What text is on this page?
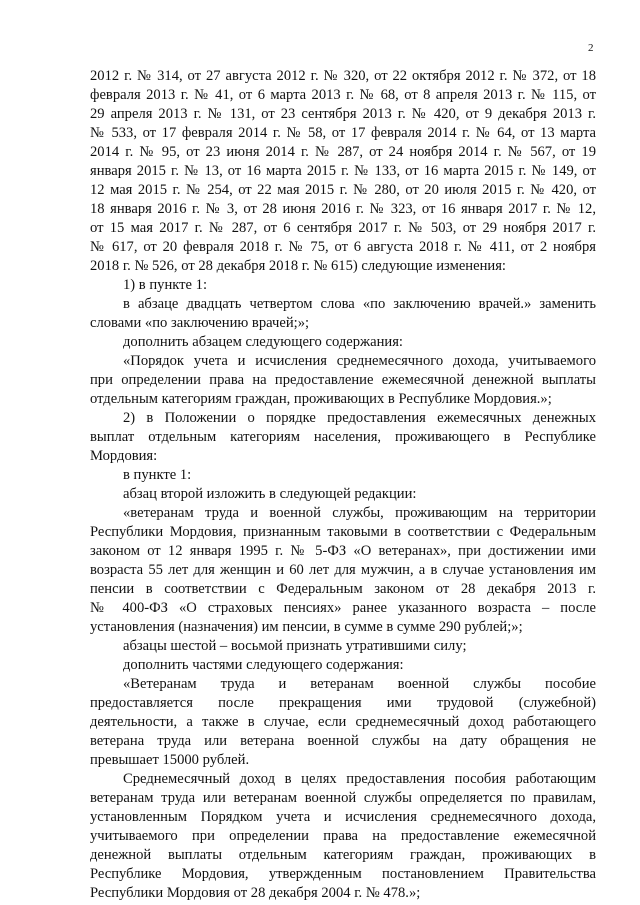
2
2012 г. № 314, от 27 августа 2012 г. № 320, от 22 октября 2012 г. № 372, от 18
февраля 2013 г. № 41, от 6 марта 2013 г. № 68, от 8 апреля 2013 г. № 115, от
29 апреля 2013 г. № 131, от 23 сентября 2013 г. № 420, от 9 декабря 2013 г.
№ 533, от 17 февраля 2014 г. № 58, от 17 февраля 2014 г. № 64, от 13 марта
2014 г. № 95, от 23 июня 2014 г. № 287, от 24 ноября 2014 г. № 567, от 19
января 2015 г. № 13, от 16 марта 2015 г. № 133, от 16 марта 2015 г. № 149, от
12 мая 2015 г. № 254, от 22 мая 2015 г. № 280, от 20 июля 2015 г. № 420, от
18 января 2016 г. № 3, от 28 июня 2016 г. № 323, от 16 января 2017 г. № 12,
от 15 мая 2017 г. № 287, от 6 сентября 2017 г. № 503, от 29 ноября 2017 г.
№ 617, от 20 февраля 2018 г. № 75, от 6 августа 2018 г. № 411, от 2 ноября
2018 г. № 526, от 28 декабря 2018 г. № 615) следующие изменения:
1) в пункте 1:
в абзаце двадцать четвертом слова «по заключению врачей.» заменить
словами «по заключению врачей;»;
дополнить абзацем следующего содержания:
«Порядок учета и исчисления среднемесячного дохода, учитываемого
при определении права на предоставление ежемесячной денежной выплаты
отдельным категориям граждан, проживающих в Республике Мордовия.»;
2) в Положении о порядке предоставления ежемесячных денежных
выплат отдельным категориям населения, проживающего в Республике
Мордовия:
в пункте 1:
абзац второй изложить в следующей редакции:
«ветеранам труда и военной службы, проживающим на территории
Республики Мордовия, признанным таковыми в соответствии с Федеральным
законом от 12 января 1995 г. № 5-ФЗ «О ветеранах», при достижении ими
возраста 55 лет для женщин и 60 лет для мужчин, а в случае установления им
пенсии в соответствии с Федеральным законом от 28 декабря 2013 г.
№ 400-ФЗ «О страховых пенсиях» ранее указанного возраста – после
установления (назначения) им пенсии, в сумме в сумме 290 рублей;»;
абзацы шестой – восьмой признать утратившими силу;
дополнить частями следующего содержания:
«Ветеранам труда и ветеранам военной службы пособие
предоставляется после прекращения ими трудовой (служебной)
деятельности, а также в случае, если среднемесячный доход работающего
ветерана труда или ветерана военной службы на дату обращения не
превышает 15000 рублей.
Среднемесячный доход в целях предоставления пособия работающим
ветеранам труда или ветеранам военной службы определяется по правилам,
установленным Порядком учета и исчисления среднемесячного дохода,
учитываемого при определении права на предоставление ежемесячной
денежной выплаты отдельным категориям граждан, проживающих в
Республике Мордовия, утвержденным постановлением Правительства
Республики Мордовия от 28 декабря 2004 г. № 478.»;
